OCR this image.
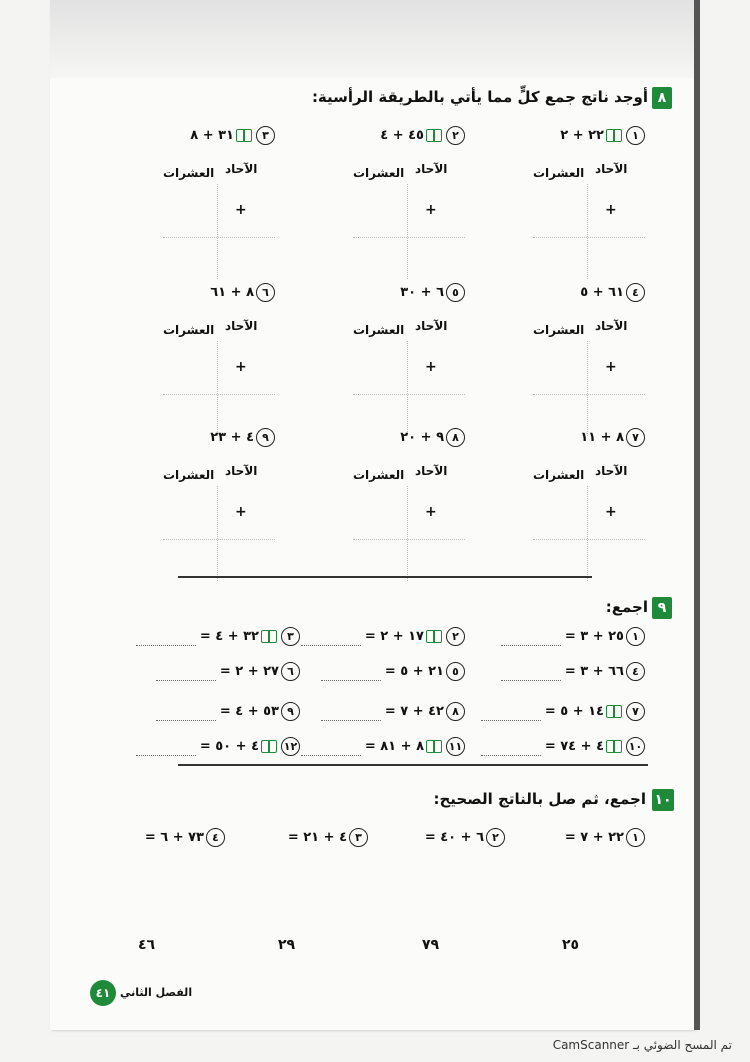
٨
أوجد ناتج جمع كلٍّ مما يأتي بالطريقة الرأسية:
١٢٢ + ٢
الآحاد
العشرات
+
٢٤٥ + ٤
الآحاد
العشرات
+
٣٣١ + ٨
الآحاد
العشرات
+
٤٦١ + ٥
الآحاد
العشرات
+
٥٦ + ٣٠
الآحاد
العشرات
+
٦٨ + ٦١
الآحاد
العشرات
+
٧٨ + ١١
الآحاد
العشرات
+
٨٩ + ٢٠
الآحاد
العشرات
+
٩٤ + ٢٣
الآحاد
العشرات
+
٩
اجمع:
١٢٥ + ٣ =
٢١٧ + ٢ =
٣٣٢ + ٤ =
٤٦٦ + ٣ =
٥٢١ + ٥ =
٦٢٧ + ٢ =
٧١٤ + ٥ =
٨٤٢ + ٧ =
٩٥٣ + ٤ =
١٠٤ + ٧٤ =
١١٨ + ٨١ =
١٢٤ + ٥٠ =
١٠
اجمع، ثم صل بالناتج الصحيح:
١٢٢ + ٧ =
٢٦ + ٤٠ =
٣٤ + ٢١ =
٤٧٣ + ٦ =
٢٥
٧٩
٢٩
٤٦
٤١ الفصل الثاني
تم المسح الضوئي بـ CamScanner
